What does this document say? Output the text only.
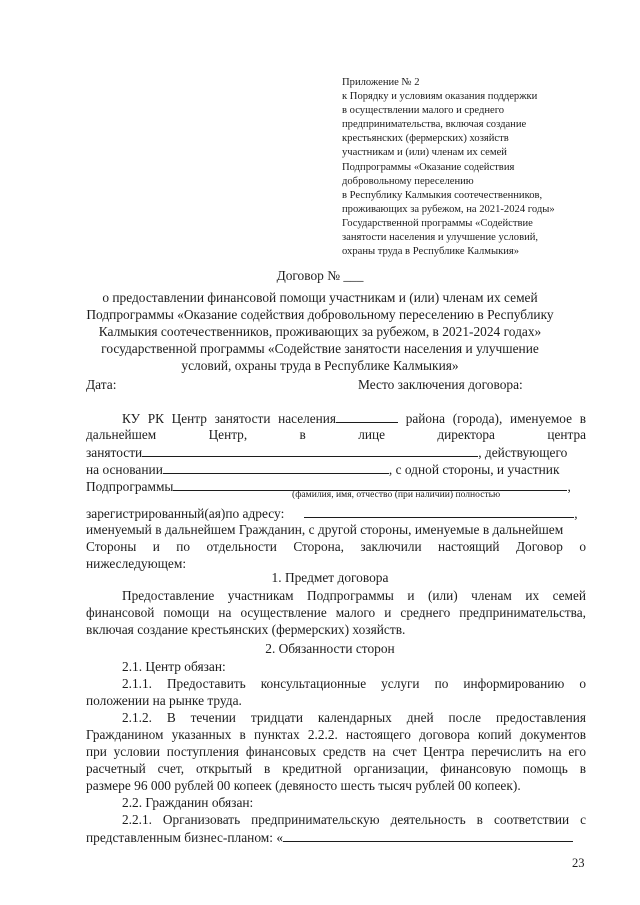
Приложение № 2
к Порядку и условиям оказания поддержки
в осуществлении малого и среднего
предпринимательства, включая создание
крестьянских (фермерских) хозяйств
участникам и (или) членам их семей
Подпрограммы «Оказание содействия
добровольному переселению
в Республику Калмыкия соотечественников,
проживающих за рубежом, на 2021-2024 годы»
Государственной программы «Содействие
занятости населения и улучшение условий,
охраны труда в Республике Калмыкия»
Договор № ___
о предоставлении финансовой помощи участникам и (или) членам их семей
Подпрограммы «Оказание содействия добровольному переселению в Республику
Калмыкия соотечественников, проживающих за рубежом, в 2021-2024 годах»
государственной программы «Содействие занятости населения и улучшение
условий, охраны труда в Республике Калмыкия»
Дата:	Место заключения договора:
КУ РК Центр занятости населения	района (города), именуемое в
дальнейшем	Центр,	в	лице	директора	центра
занятости	, действующего
на основании	, с одной стороны, и участник
Подпрограммы	,
(фамилия, имя, отчество (при наличии) полностью
зарегистрированный(ая)по адресу:	,
именуемый в дальнейшем Гражданин, с другой стороны, именуемые в дальнейшем
Стороны и по отдельности Сторона, заключили настоящий Договор о
нижеследующем:
1. Предмет договора
Предоставление участникам Подпрограммы и (или) членам их семей
финансовой помощи на осуществление малого и среднего предпринимательства,
включая создание крестьянских (фермерских) хозяйств.
2. Обязанности сторон
2.1. Центр обязан:
2.1.1. Предоставить консультационные услуги по информированию о
положении на рынке труда.
2.1.2. В течении тридцати календарных дней после предоставления
Гражданином указанных в пунктах 2.2.2. настоящего договора копий документов
при условии поступления финансовых средств на счет Центра перечислить на его
расчетный счет, открытый в кредитной организации, финансовую помощь в
размере 96 000 рублей 00 копеек (девяносто шесть тысяч рублей 00 копеек).
2.2. Гражданин обязан:
2.2.1. Организовать предпринимательскую деятельность в соответствии с
представленным бизнес-планом: «
23
